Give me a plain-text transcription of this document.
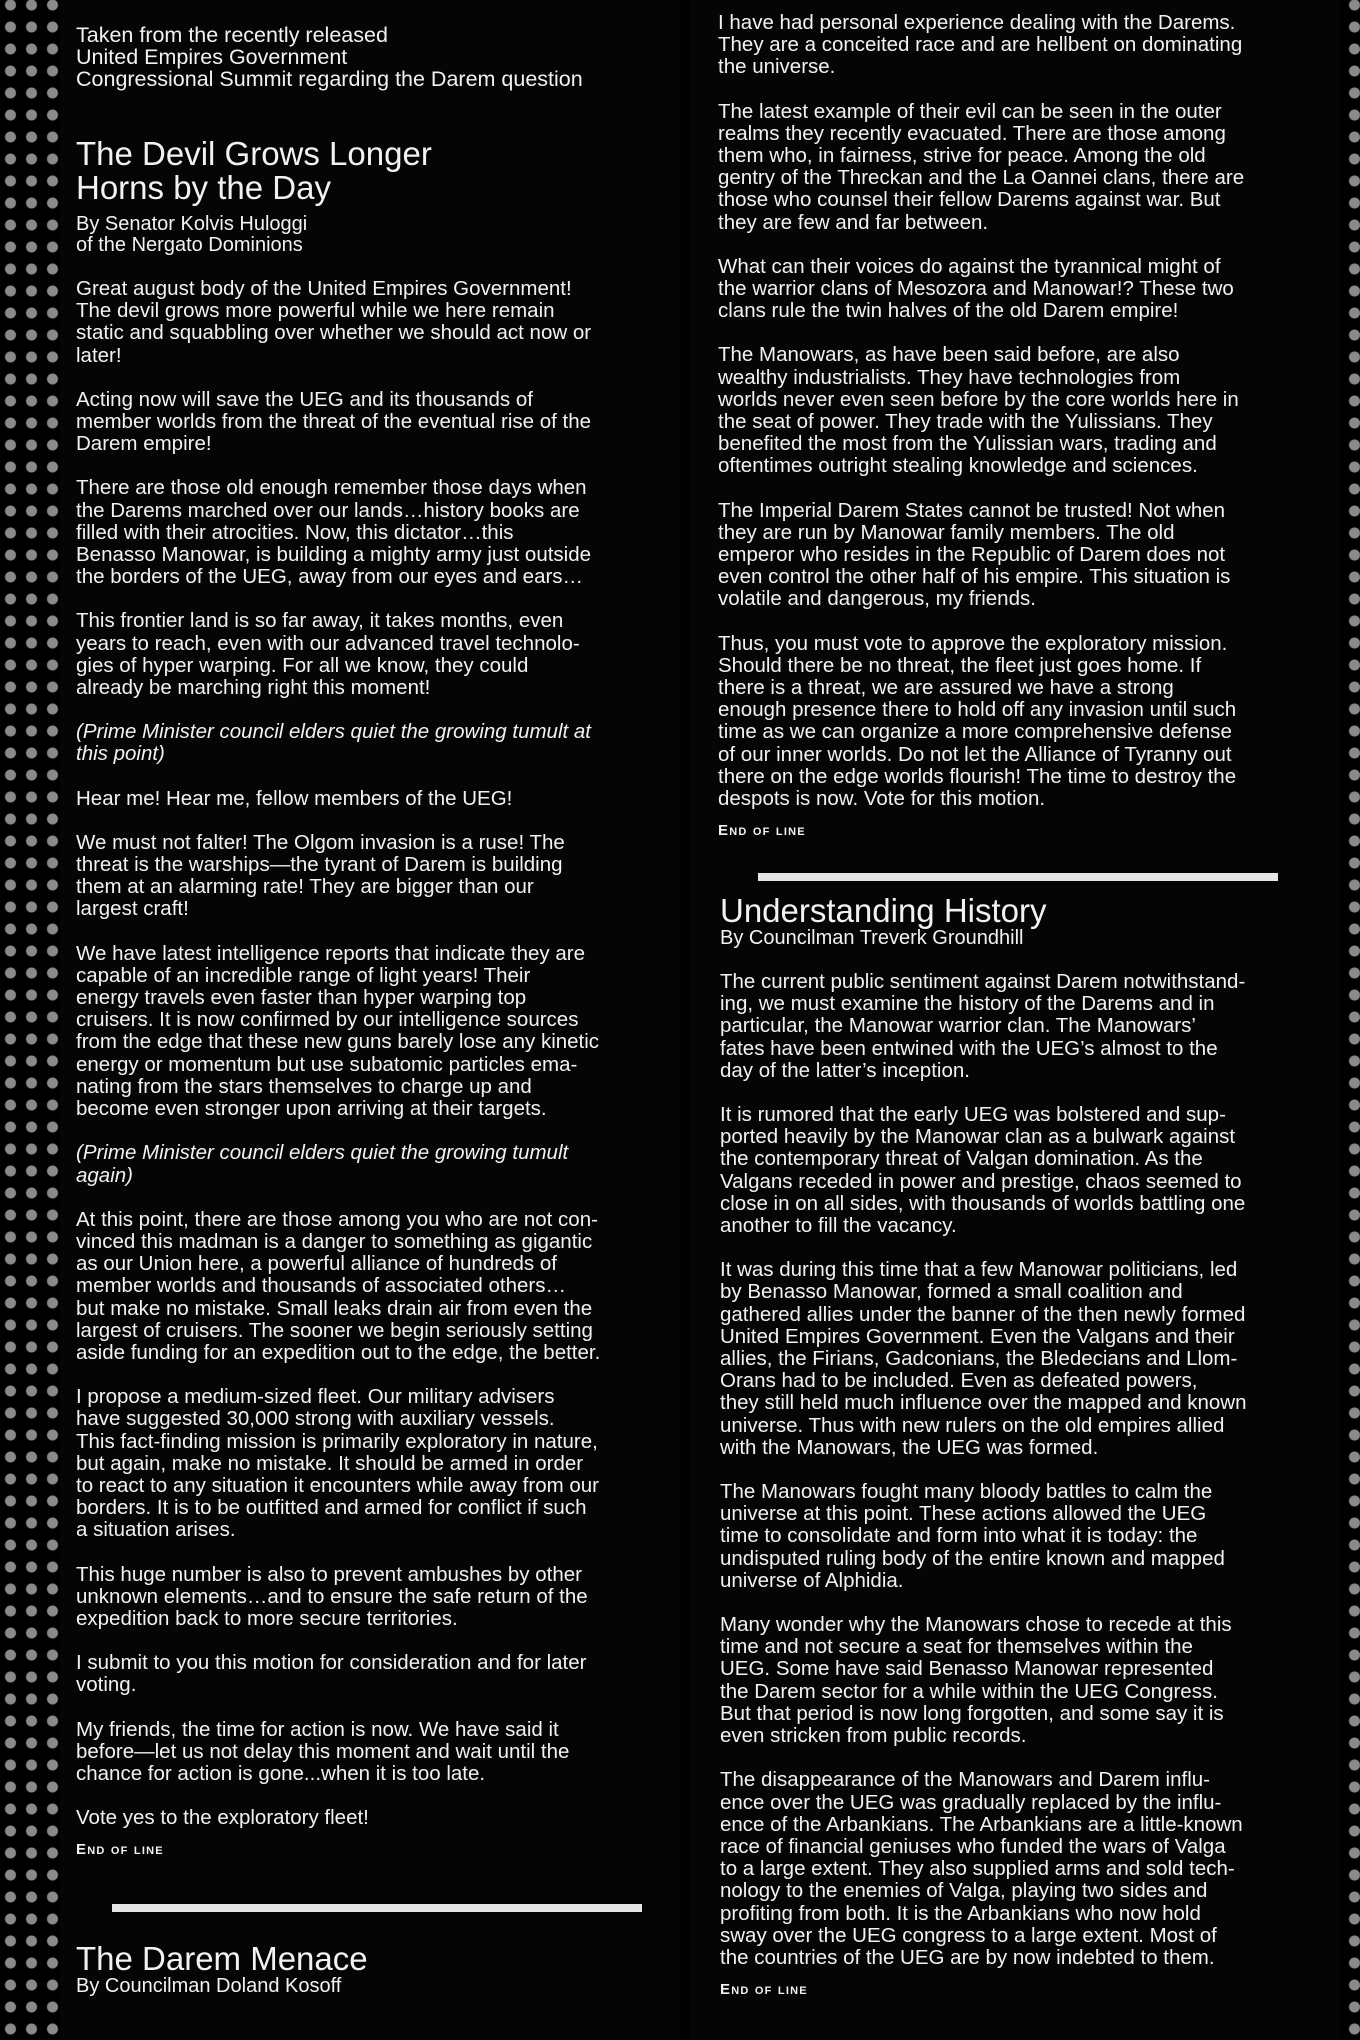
Taken from the recently released
United Empires Government
Congressional Summit regarding the Darem question
The Devil Grows Longer
Horns by the Day
By Senator Kolvis Huloggi
of the Nergato Dominions
Great august body of the United Empires Government!
The devil grows more powerful while we here remain
static and squabbling over whether we should act now or
later!
Acting now will save the UEG and its thousands of
member worlds from the threat of the eventual rise of the
Darem empire!
There are those old enough remember those days when
the Darems marched over our lands…history books are
filled with their atrocities. Now, this dictator…this
Benasso Manowar, is building a mighty army just outside
the borders of the UEG, away from our eyes and ears…
This frontier land is so far away, it takes months, even
years to reach, even with our advanced travel technolo-
gies of hyper warping. For all we know, they could
already be marching right this moment!
(Prime Minister council elders quiet the growing tumult at
this point)
Hear me! Hear me, fellow members of the UEG!
We must not falter! The Olgom invasion is a ruse! The
threat is the warships—the tyrant of Darem is building
them at an alarming rate! They are bigger than our
largest craft!
We have latest intelligence reports that indicate they are
capable of an incredible range of light years! Their
energy travels even faster than hyper warping top
cruisers. It is now confirmed by our intelligence sources
from the edge that these new guns barely lose any kinetic
energy or momentum but use subatomic particles ema-
nating from the stars themselves to charge up and
become even stronger upon arriving at their targets.
(Prime Minister council elders quiet the growing tumult
again)
At this point, there are those among you who are not con-
vinced this madman is a danger to something as gigantic
as our Union here, a powerful alliance of hundreds of
member worlds and thousands of associated others…
but make no mistake. Small leaks drain air from even the
largest of cruisers. The sooner we begin seriously setting
aside funding for an expedition out to the edge, the better.
I propose a medium-sized fleet. Our military advisers
have suggested 30,000 strong with auxiliary vessels.
This fact-finding mission is primarily exploratory in nature,
but again, make no mistake. It should be armed in order
to react to any situation it encounters while away from our
borders. It is to be outfitted and armed for conflict if such
a situation arises.
This huge number is also to prevent ambushes by other
unknown elements…and to ensure the safe return of the
expedition back to more secure territories.
I submit to you this motion for consideration and for later
voting.
My friends, the time for action is now. We have said it
before—let us not delay this moment and wait until the
chance for action is gone...when it is too late.
Vote yes to the exploratory fleet!
End of line
The Darem Menace
By Councilman Doland Kosoff
I have had personal experience dealing with the Darems.
They are a conceited race and are hellbent on dominating
the universe.
The latest example of their evil can be seen in the outer
realms they recently evacuated. There are those among
them who, in fairness, strive for peace. Among the old
gentry of the Threckan and the La Oannei clans, there are
those who counsel their fellow Darems against war. But
they are few and far between.
What can their voices do against the tyrannical might of
the warrior clans of Mesozora and Manowar!? These two
clans rule the twin halves of the old Darem empire!
The Manowars, as have been said before, are also
wealthy industrialists. They have technologies from
worlds never even seen before by the core worlds here in
the seat of power. They trade with the Yulissians. They
benefited the most from the Yulissian wars, trading and
oftentimes outright stealing knowledge and sciences.
The Imperial Darem States cannot be trusted! Not when
they are run by Manowar family members. The old
emperor who resides in the Republic of Darem does not
even control the other half of his empire. This situation is
volatile and dangerous, my friends.
Thus, you must vote to approve the exploratory mission.
Should there be no threat, the fleet just goes home. If
there is a threat, we are assured we have a strong
enough presence there to hold off any invasion until such
time as we can organize a more comprehensive defense
of our inner worlds. Do not let the Alliance of Tyranny out
there on the edge worlds flourish! The time to destroy the
despots is now. Vote for this motion.
End of line
Understanding History
By Councilman Treverk Groundhill
The current public sentiment against Darem notwithstand-
ing, we must examine the history of the Darems and in
particular, the Manowar warrior clan. The Manowars’
fates have been entwined with the UEG’s almost to the
day of the latter’s inception.
It is rumored that the early UEG was bolstered and sup-
ported heavily by the Manowar clan as a bulwark against
the contemporary threat of Valgan domination. As the
Valgans receded in power and prestige, chaos seemed to
close in on all sides, with thousands of worlds battling one
another to fill the vacancy.
It was during this time that a few Manowar politicians, led
by Benasso Manowar, formed a small coalition and
gathered allies under the banner of the then newly formed
United Empires Government. Even the Valgans and their
allies, the Firians, Gadconians, the Bledecians and Llom-
Orans had to be included. Even as defeated powers,
they still held much influence over the mapped and known
universe. Thus with new rulers on the old empires allied
with the Manowars, the UEG was formed.
The Manowars fought many bloody battles to calm the
universe at this point. These actions allowed the UEG
time to consolidate and form into what it is today: the
undisputed ruling body of the entire known and mapped
universe of Alphidia.
Many wonder why the Manowars chose to recede at this
time and not secure a seat for themselves within the
UEG. Some have said Benasso Manowar represented
the Darem sector for a while within the UEG Congress.
But that period is now long forgotten, and some say it is
even stricken from public records.
The disappearance of the Manowars and Darem influ-
ence over the UEG was gradually replaced by the influ-
ence of the Arbankians. The Arbankians are a little-known
race of financial geniuses who funded the wars of Valga
to a large extent. They also supplied arms and sold tech-
nology to the enemies of Valga, playing two sides and
profiting from both. It is the Arbankians who now hold
sway over the UEG congress to a large extent. Most of
the countries of the UEG are by now indebted to them.
End of line
